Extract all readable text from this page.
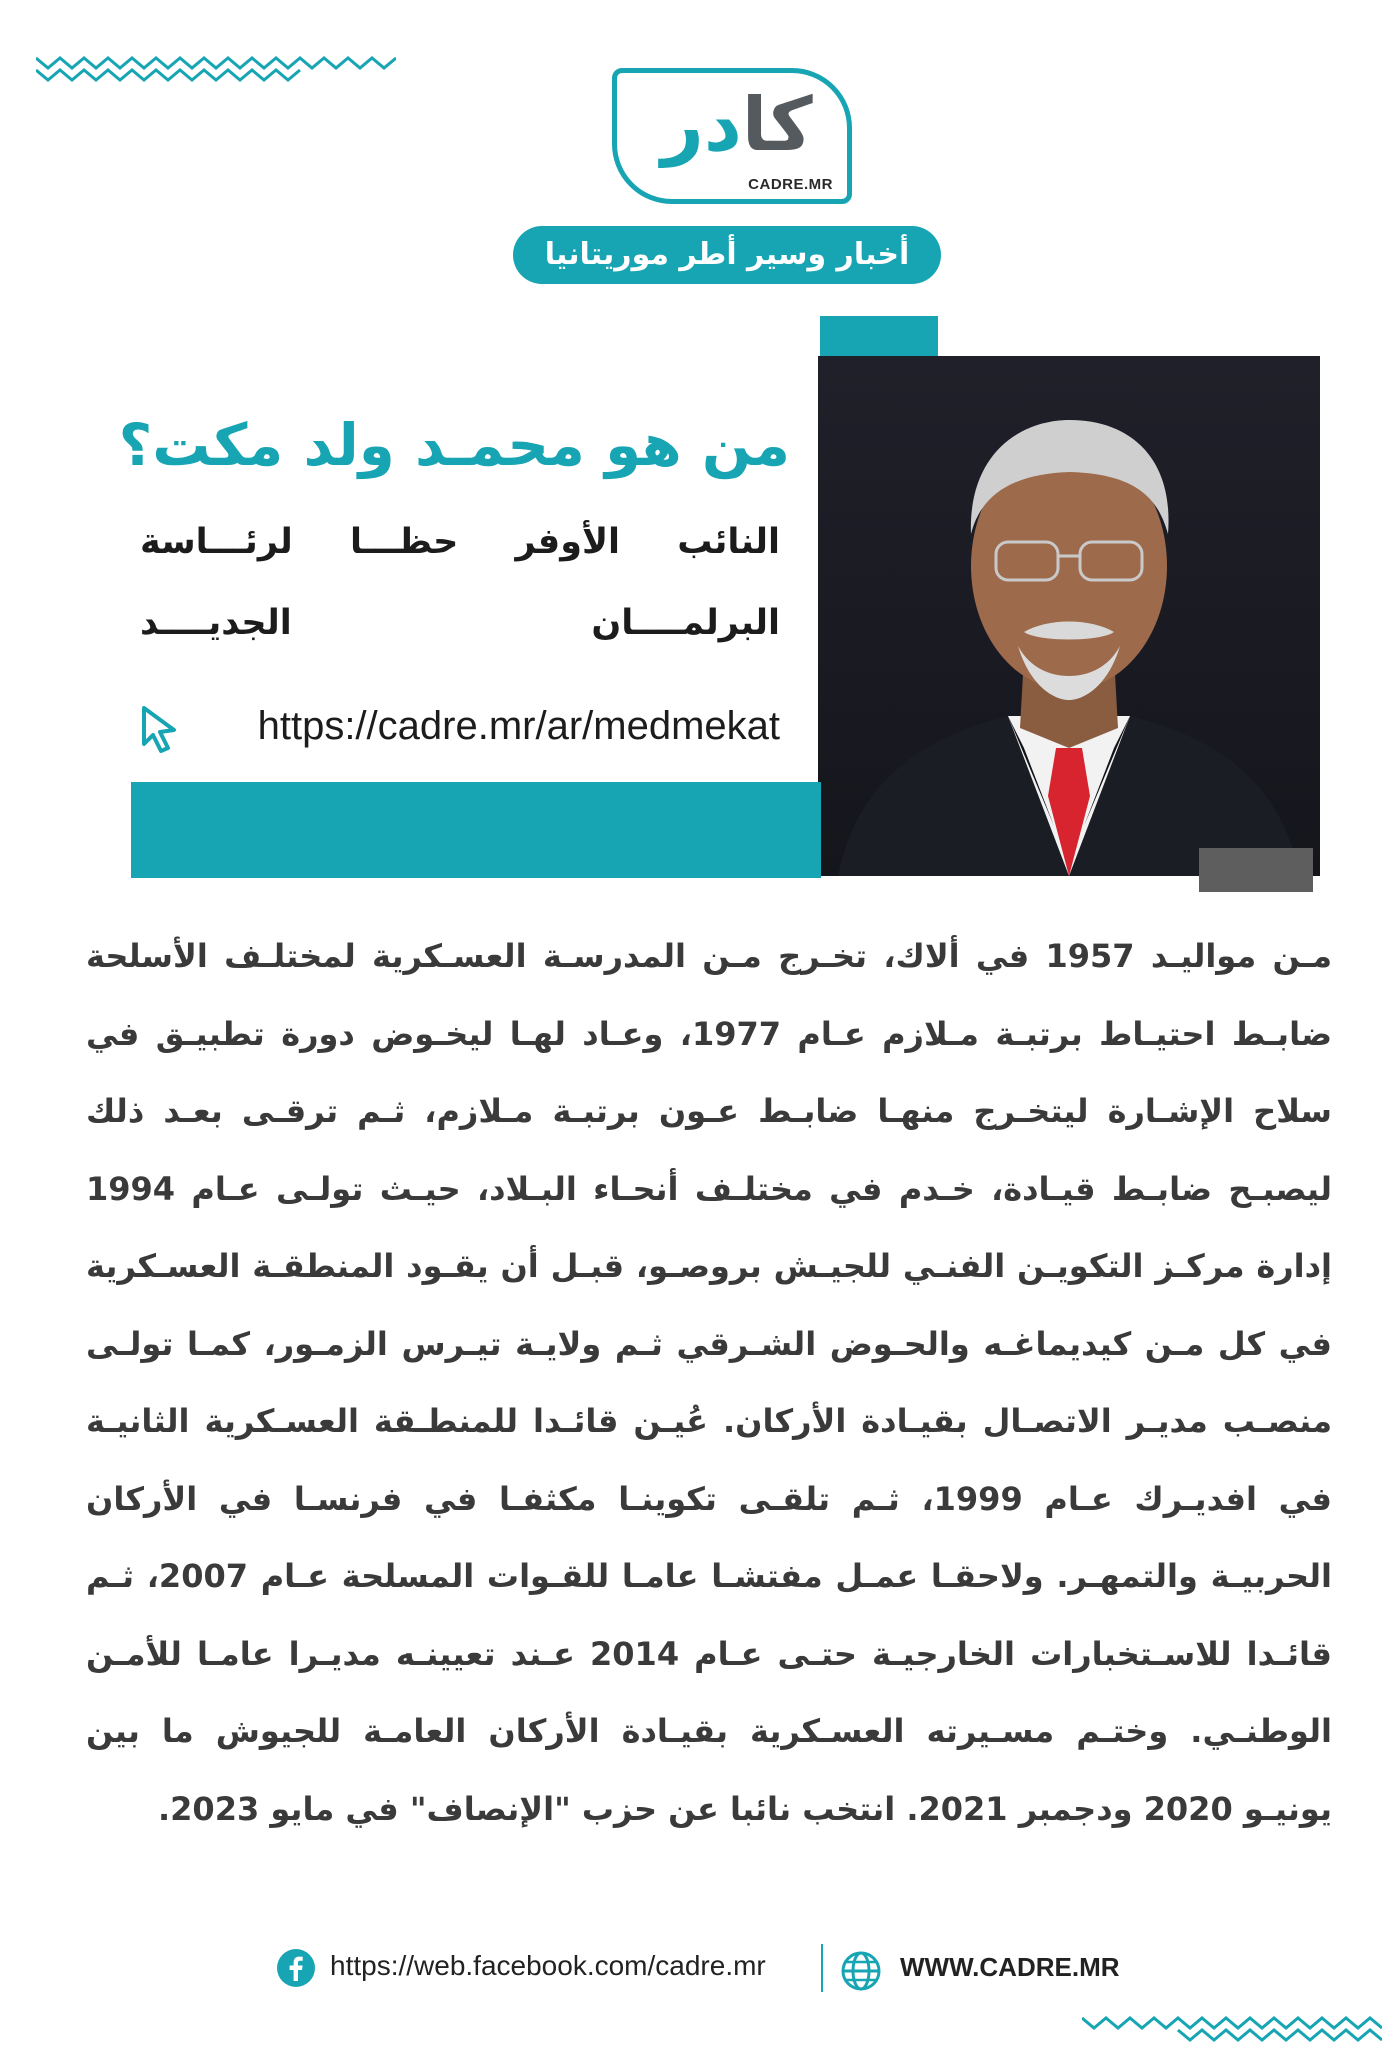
كادر
CADRE.MR
أخبار وسير أطر موريتانيا
من هو محمـد ولد مكت؟
النائب الأوفر حظـــا لرئـــاسة
البرلمــــان الجديــــد
https://cadre.mr/ar/medmekat
مـن مواليـد 1957 في ألاك، تخـرج مـن المدرسـة العسـكرية لمختلـف الأسلحة ضابـط احتيـاط برتبـة مـلازم عـام 1977، وعـاد لهـا ليخـوض دورة تطبيـق في سلاح الإشـارة ليتخـرج منهـا ضابـط عـون برتبـة مـلازم، ثـم ترقـى بعـد ذلك ليصبـح ضابـط قيـادة، خـدم في مختلـف أنحـاء البـلاد، حيـث تولـى عـام 1994 إدارة مركـز التكويـن الفنـي للجيـش بروصـو، قبـل أن يقـود المنطقـة العسـكرية في كل مـن كيديماغـه والحـوض الشـرقي ثـم ولايـة تيـرس الزمـور، كمـا تولـى منصـب مديـر الاتصـال بقيـادة الأركان. عُيـن قائـدا للمنطـقة العسـكرية الثانيـة في افديـرك عـام 1999، ثـم تلقـى تكوينـا مكثفـا في فرنسـا في الأركان الحربيـة والتمهـر. ولاحقـا عمـل مفتشـا عامـا للقـوات المسلحة عـام 2007، ثـم قائـدا للاسـتخبارات الخارجيـة حتـى عـام 2014 عـند تعيينـه مديـرا عامـا للأمـن الوطنـي. وختـم مسـيرته العسـكرية بقيـادة الأركان العامـة للجيوش ما بين يونيـو 2020 ودجمبر 2021. انتخب نائبا عن حزب "الإنصاف" في مايو 2023.
https://web.facebook.com/cadre.mr	WWW.CADRE.MR
